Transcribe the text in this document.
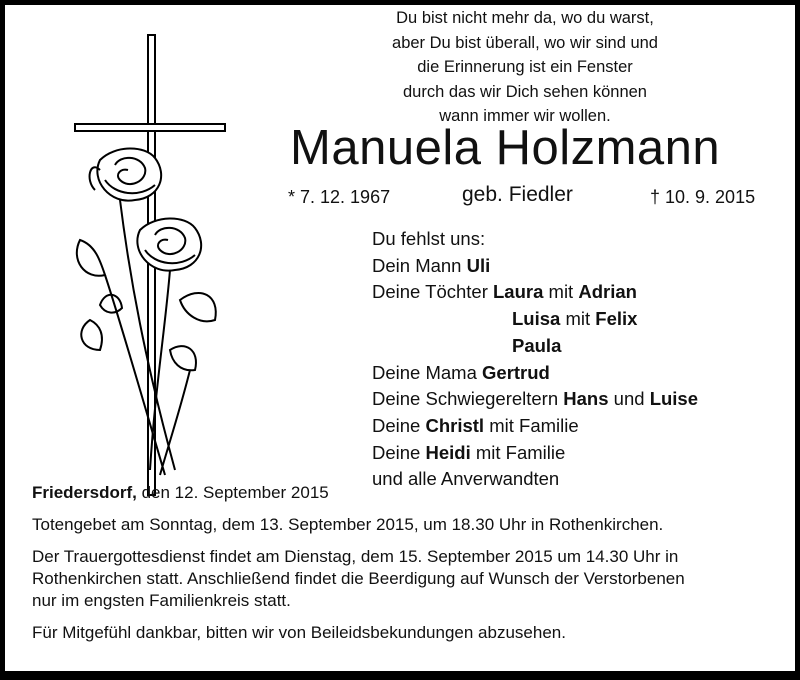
Du bist nicht mehr da, wo du warst,
aber Du bist überall, wo wir sind und
die Erinnerung ist ein Fenster
durch das wir Dich sehen können
wann immer wir wollen.
Manuela Holzmann
* 7. 12. 1967	geb. Fiedler	† 10. 9. 2015
Du fehlst uns:
Dein Mann Uli
Deine Töchter Laura mit Adrian
Luisa mit Felix
Paula
Deine Mama Gertrud
Deine Schwiegereltern Hans und Luise
Deine Christl mit Familie
Deine Heidi mit Familie
und alle Anverwandten

Friedersdorf, den 12. September 2015

Totengebet am Sonntag, dem 13. September 2015, um 18.30 Uhr in Rothenkirchen.

Der Trauergottesdienst findet am Dienstag, dem 15. September 2015 um 14.30 Uhr in
Rothenkirchen statt. Anschließend findet die Beerdigung auf Wunsch der Verstorbenen
nur im engsten Familienkreis statt.

Für Mitgefühl dankbar, bitten wir von Beileidsbekundungen abzusehen.
